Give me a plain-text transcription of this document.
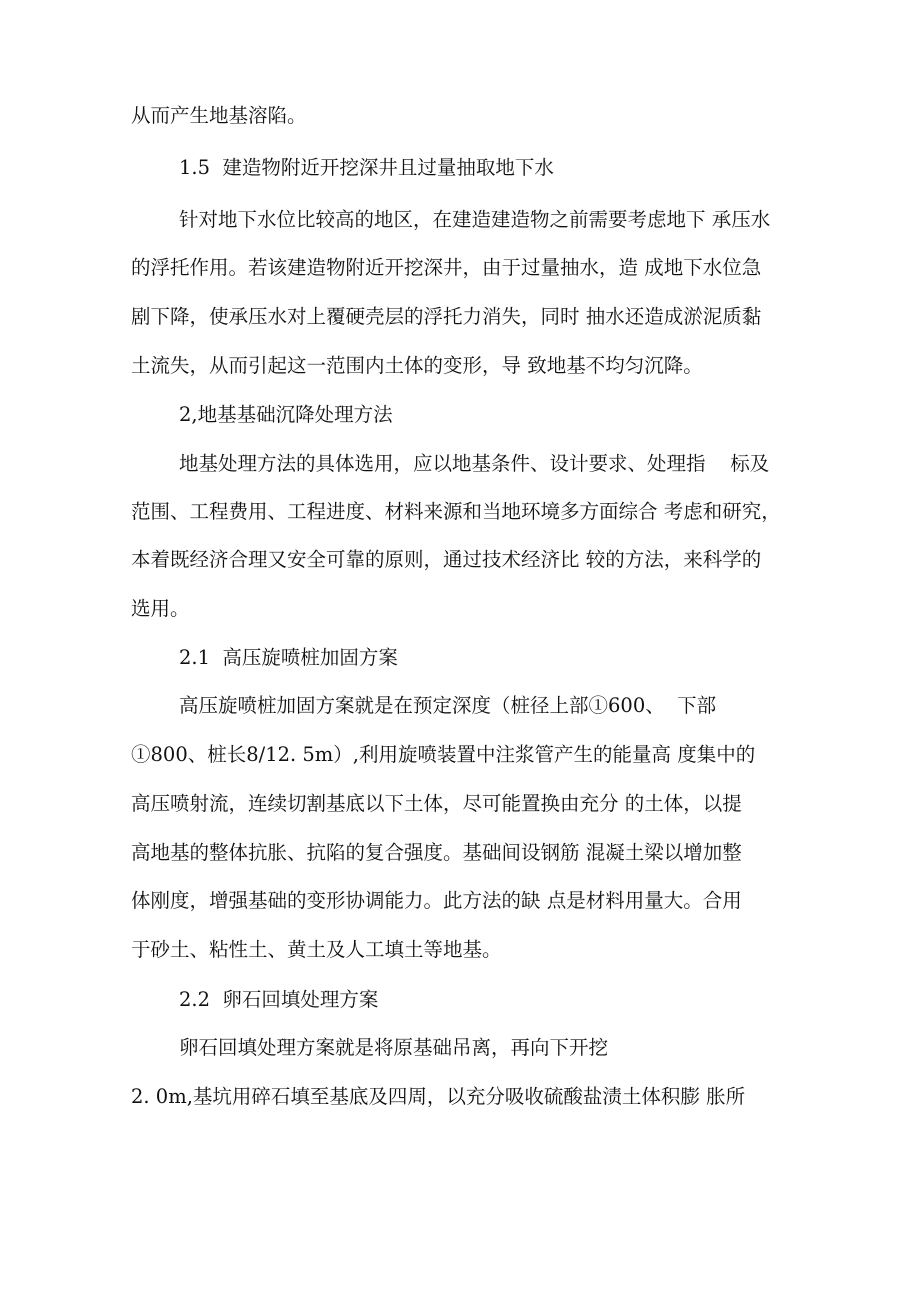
从而产生地基溶陷。

1.5  建造物附近开挖深井且过量抽取地下水

针对地下水位比较高的地区，在建造建造物之前需要考虑地下 承压水

的浮托作用。若该建造物附近开挖深井，由于过量抽水，造 成地下水位急

剧下降，使承压水对上覆硬壳层的浮托力消失，同时 抽水还造成淤泥质黏

土流失，从而引起这一范围内土体的变形，导 致地基不均匀沉降。

2,地基基础沉降处理方法

地基处理方法的具体选用，应以地基条件、设计要求、处理指    标及

范围、工程费用、工程进度、材料来源和当地环境多方面综合 考虑和研究，

本着既经济合理又安全可靠的原则，通过技术经济比 较的方法，来科学的

选用。

2.1  高压旋喷桩加固方案

高压旋喷桩加固方案就是在预定深度（桩径上部①600、  下部

①800、桩长8/12. 5m）,利用旋喷装置中注浆管产生的能量高 度集中的

高压喷射流，连续切割基底以下土体，尽可能置换由充分 的土体，以提

高地基的整体抗胀、抗陷的复合强度。基础间设钢筋 混凝土梁以增加整

体刚度，增强基础的变形协调能力。此方法的缺 点是材料用量大。合用

于砂土、粘性土、黄土及人工填土等地基。

2.2  卵石回填处理方案

卵石回填处理方案就是将原基础吊离，再向下开挖

2. 0m,基坑用碎石填至基底及四周，以充分吸收硫酸盐渍土体积膨 胀所
